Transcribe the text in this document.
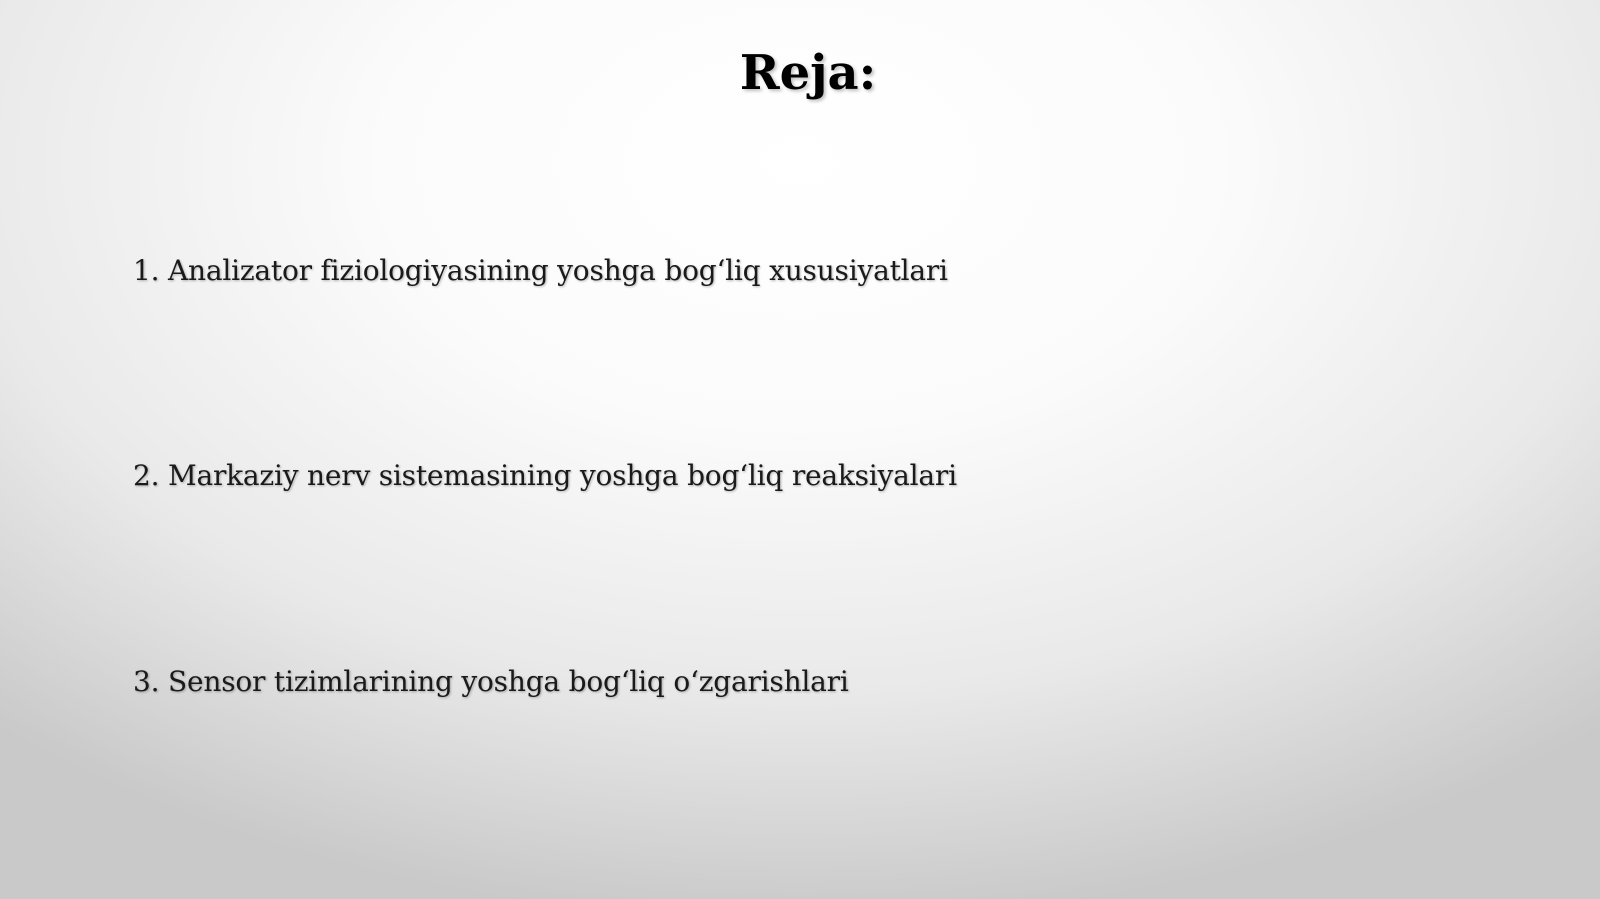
Reja:
1. Analizator fiziologiyasining yoshga bog‘liq xususiyatlari
2. Markaziy nerv sistemasining yoshga bog‘liq reaksiyalari
3. Sensor tizimlarining yoshga bog‘liq o‘zgarishlari
